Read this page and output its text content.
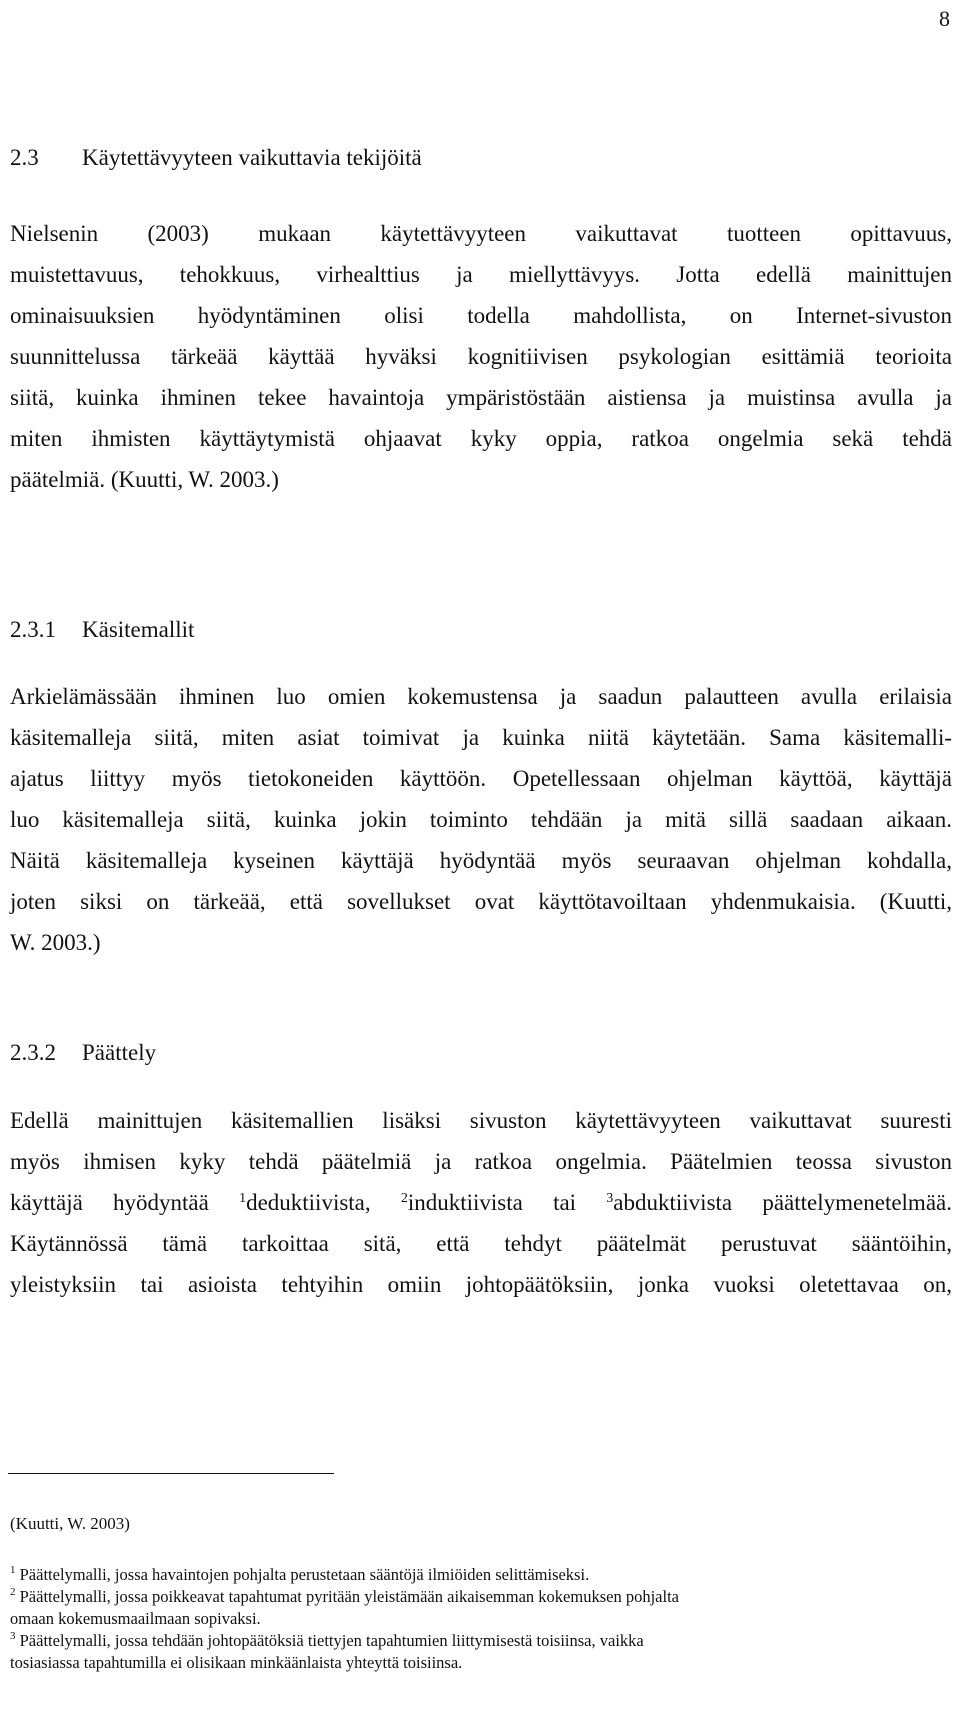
8
2.3 Käytettävyyteen vaikuttavia tekijöitä
Nielsenin (2003) mukaan käytettävyyteen vaikuttavat tuotteen opittavuus,
muistettavuus, tehokkuus, virhealttius ja miellyttävyys. Jotta edellä mainittujen
ominaisuuksien hyödyntäminen olisi todella mahdollista, on Internet-sivuston
suunnittelussa tärkeää käyttää hyväksi kognitiivisen psykologian esittämiä teorioita
siitä, kuinka ihminen tekee havaintoja ympäristöstään aistiensa ja muistinsa avulla ja
miten ihmisten käyttäytymistä ohjaavat kyky oppia, ratkoa ongelmia sekä tehdä
päätelmiä. (Kuutti, W. 2003.)
2.3.1 Käsitemallit
Arkielämässään ihminen luo omien kokemustensa ja saadun palautteen avulla erilaisia
käsitemalleja siitä, miten asiat toimivat ja kuinka niitä käytetään. Sama käsitemalli-
ajatus liittyy myös tietokoneiden käyttöön. Opetellessaan ohjelman käyttöä, käyttäjä
luo käsitemalleja siitä, kuinka jokin toiminto tehdään ja mitä sillä saadaan aikaan.
Näitä käsitemalleja kyseinen käyttäjä hyödyntää myös seuraavan ohjelman kohdalla,
joten siksi on tärkeää, että sovellukset ovat käyttötavoiltaan yhdenmukaisia. (Kuutti,
W. 2003.)
2.3.2 Päättely
Edellä mainittujen käsitemallien lisäksi sivuston käytettävyyteen vaikuttavat suuresti
myös ihmisen kyky tehdä päätelmiä ja ratkoa ongelmia. Päätelmien teossa sivuston
käyttäjä hyödyntää $^1$deduktiivista, $^2$induktiivista tai $^3$abduktiivista päättelymenetelmää.
Käytännössä tämä tarkoittaa sitä, että tehdyt päätelmät perustuvat sääntöihin,
yleistyksiin tai asioista tehtyihin omiin johtopäätöksiin, jonka vuoksi oletettavaa on,
(Kuutti, W. 2003)
$^1$ Päättelymalli, jossa havaintojen pohjalta perustetaan sääntöjä ilmiöiden selittämiseksi.
$^2$ Päättelymalli, jossa poikkeavat tapahtumat pyritään yleistämään aikaisemman kokemuksen pohjalta
omaan kokemusmaailmaan sopivaksi.
$^3$ Päättelymalli, jossa tehdään johtopäätöksiä tiettyjen tapahtumien liittymisestä toisiinsa, vaikka
tosiasiassa tapahtumilla ei olisikaan minkäänlaista yhteyttä toisiinsa.
